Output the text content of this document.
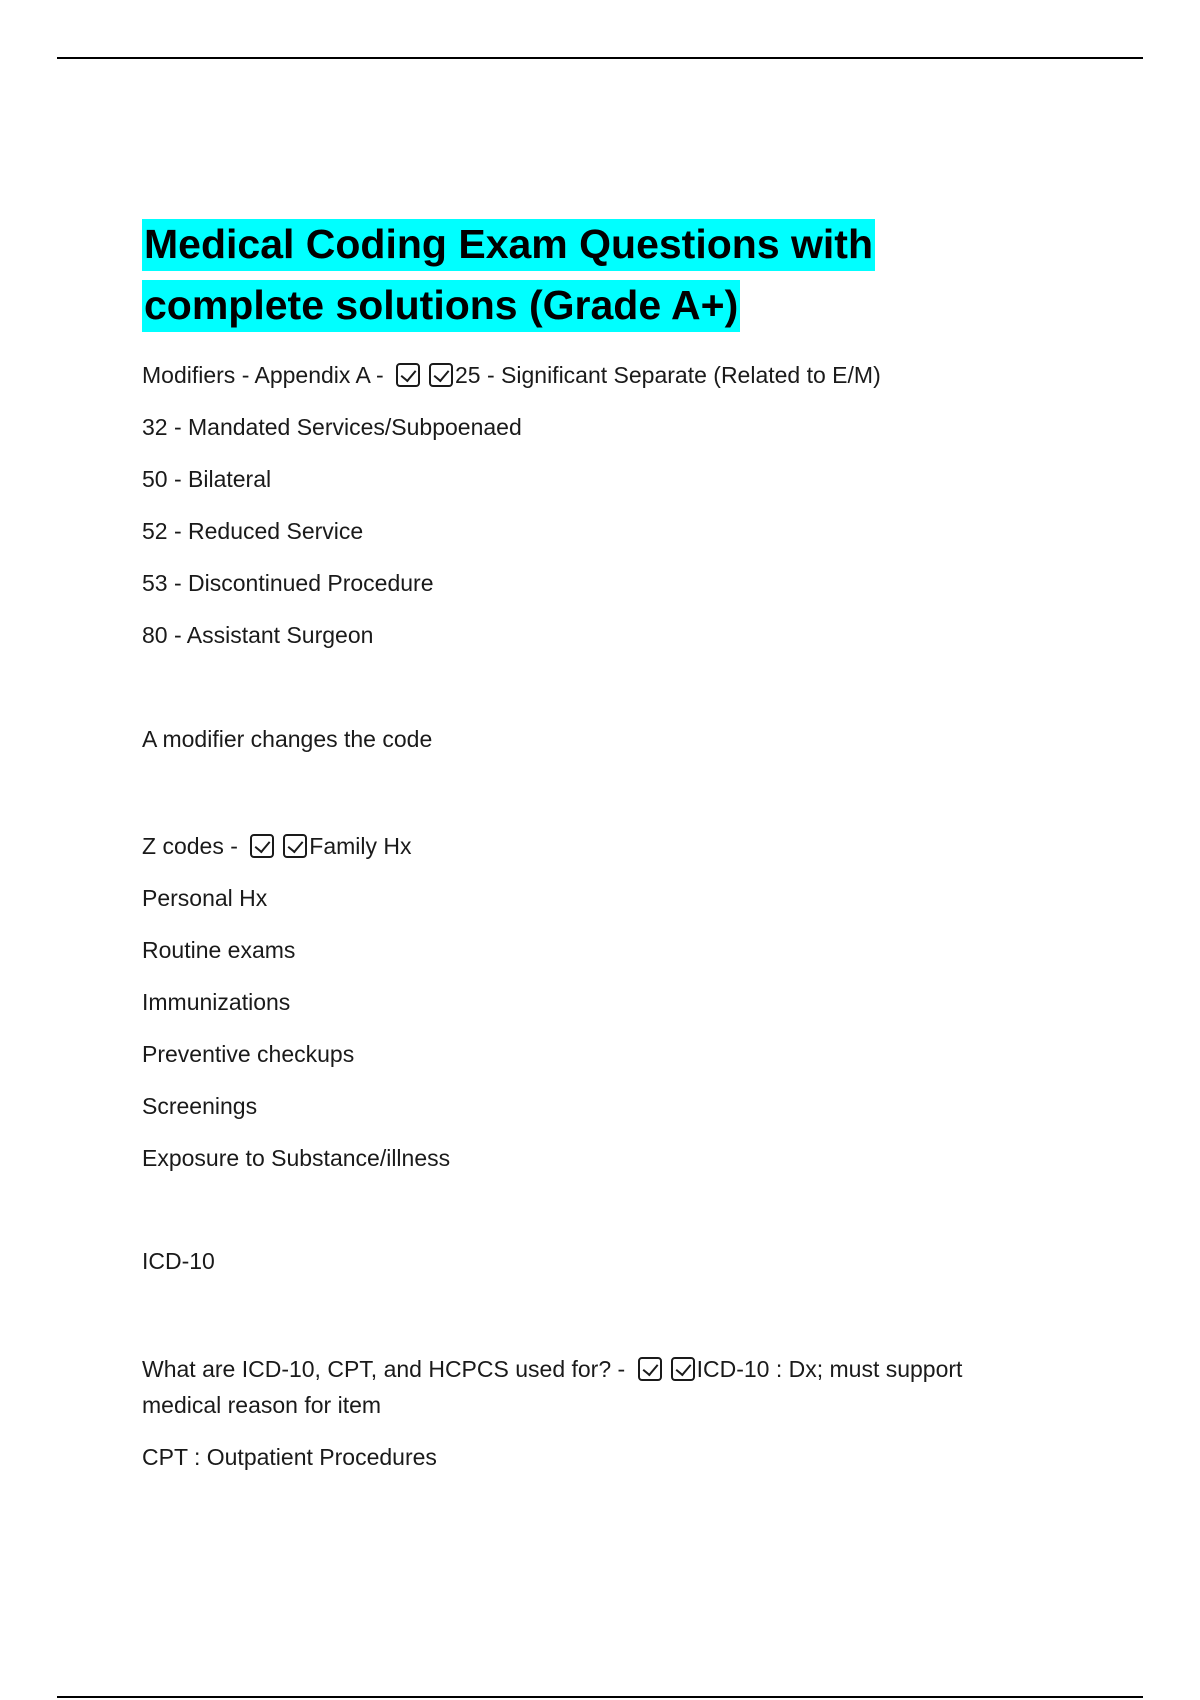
Medical Coding Exam Questions with
complete solutions (Grade A+)

Modifiers - Appendix A -	25 - Significant Separate (Related to E/M)

32 - Mandated Services/Subpoenaed

50 - Bilateral

52 - Reduced Service

53 - Discontinued Procedure

80 - Assistant Surgeon

A modifier changes the code

Z codes -	Family Hx

Personal Hx

Routine exams

Immunizations

Preventive checkups

Screenings

Exposure to Substance/illness

ICD-10

What are ICD-10, CPT, and HCPCS used for? -	ICD-10 : Dx; must support

medical reason for item

CPT : Outpatient Procedures
